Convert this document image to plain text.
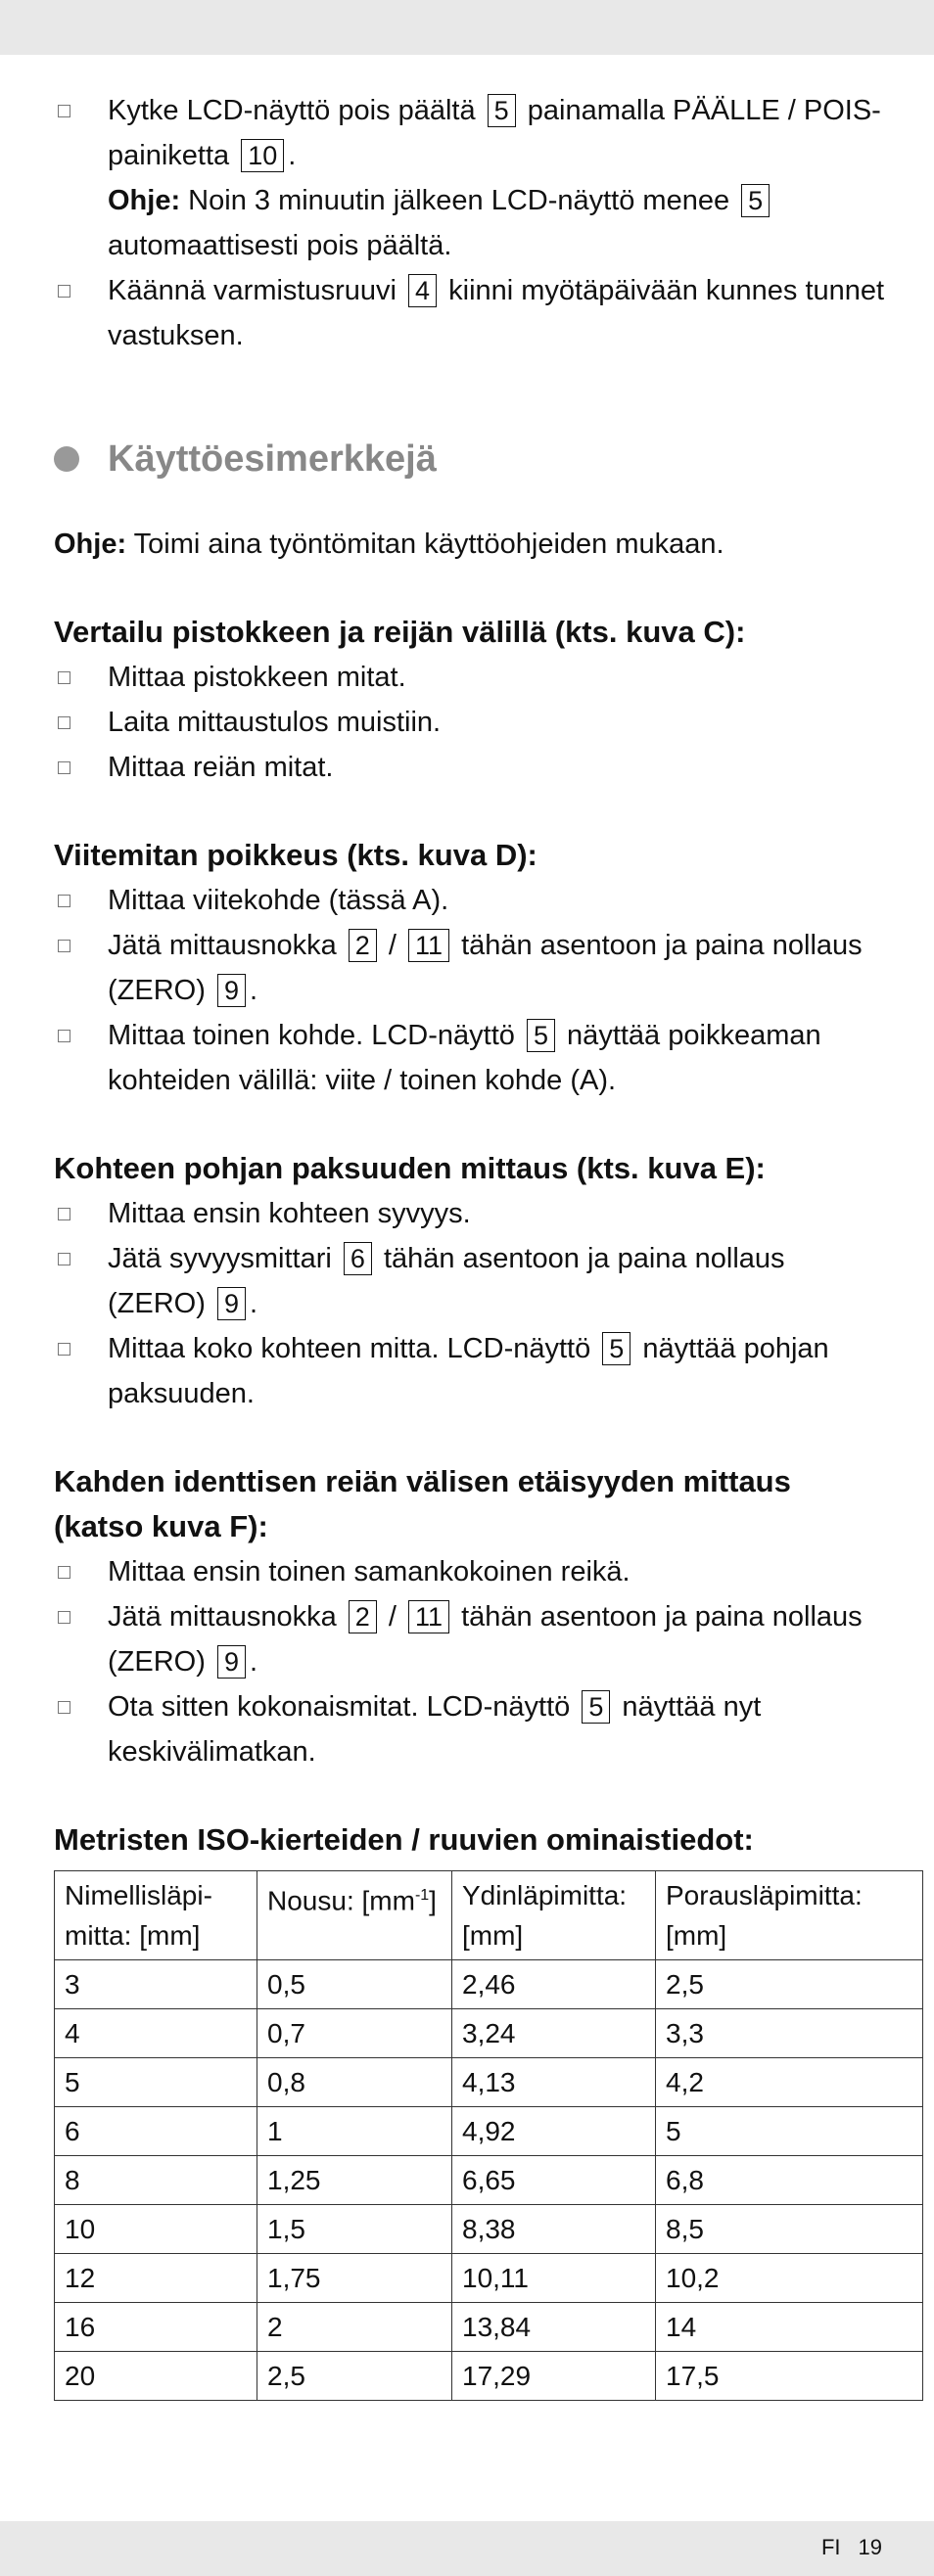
Kytke LCD-näyttö pois päältä 5 painamalla PÄÄLLE / POIS-painiketta 10 .
Ohje: Noin 3 minuutin jälkeen LCD-näyttö menee 5 automaattisesti pois päältä.
Käännä varmistusruuvi 4 kiinni myötäpäivään kunnes tunnet vastuksen.
Käyttöesimerkkejä
Ohje: Toimi aina työntömitan käyttöohjeiden mukaan.
Vertailu pistokkeen ja reijän välillä (kts. kuva C):
Mittaa pistokkeen mitat.
Laita mittaustulos muistiin.
Mittaa reiän mitat.
Viitemitan poikkeus (kts. kuva D):
Mittaa viitekohde (tässä A).
Jätä mittausnokka 2 / 11 tähän asentoon ja paina nollaus (ZERO) 9 .
Mittaa toinen kohde. LCD-näyttö 5 näyttää poikkeaman kohteiden välillä: viite / toinen kohde (A).
Kohteen pohjan paksuuden mittaus (kts. kuva E):
Mittaa ensin kohteen syvyys.
Jätä syvyysmittari 6 tähän asentoon ja paina nollaus (ZERO) 9 .
Mittaa koko kohteen mitta. LCD-näyttö 5 näyttää pohjan paksuuden.
Kahden identtisen reiän välisen etäisyyden mittaus (katso kuva F):
Mittaa ensin toinen samankokoinen reikä.
Jätä mittausnokka 2 / 11 tähän asentoon ja paina nollaus (ZERO) 9 .
Ota sitten kokonaismitat. LCD-näyttö 5 näyttää nyt keskivälimatkan.
Metristen ISO-kierteiden / ruuvien ominaistiedot:
Nimellisläpi-mitta: [mm]	Nousu: $[mm^{-1}]$	Ydinläpimitta: [mm]	Porausläpimitta: [mm]
3	0,5	2,46	2,5
4	0,7	3,24	3,3
5	0,8	4,13	4,2
6	1	4,92	5
8	1,25	6,65	6,8
10	1,5	8,38	8,5
12	1,75	10,11	10,2
16	2	13,84	14
20	2,5	17,29	17,5
FI 19
